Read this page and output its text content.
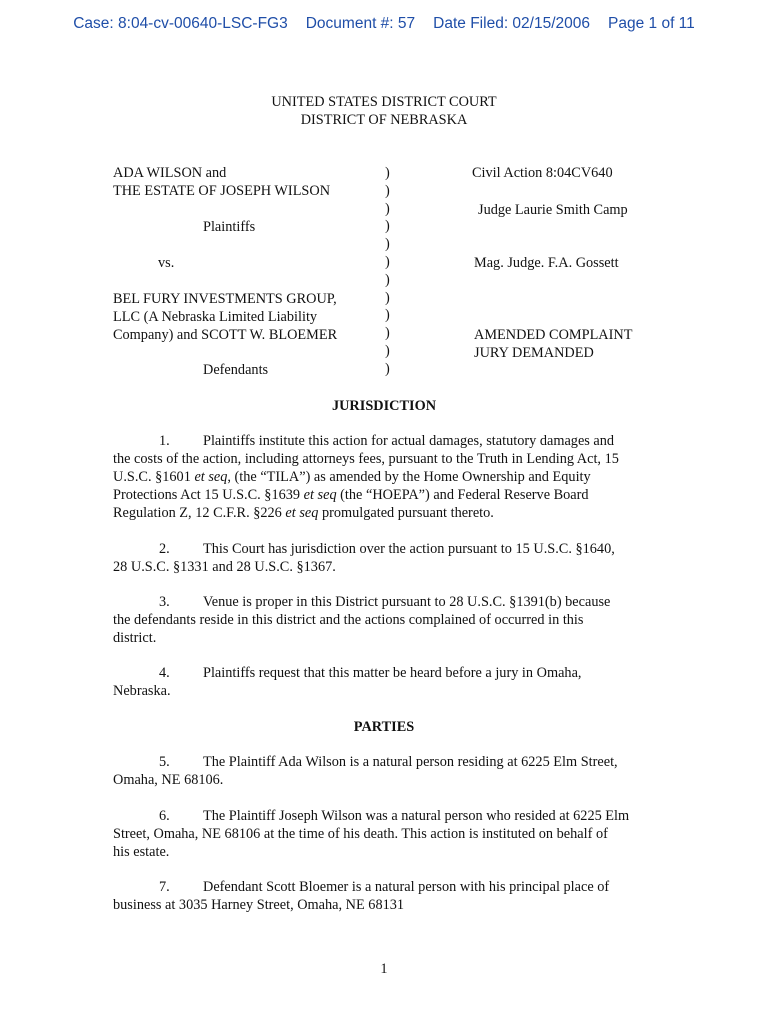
Case: 8:04-cv-00640-LSC-FG3 Document #: 57 Date Filed: 02/15/2006 Page 1 of 11
UNITED STATES DISTRICT COURT
DISTRICT OF NEBRASKA
ADA WILSON and
THE ESTATE OF JOSEPH WILSON
Plaintiffs
vs.
BEL FURY INVESTMENTS GROUP,
LLC (A Nebraska Limited Liability
Company) and SCOTT W. BLOEMER
Defendants
)
)
)
)
)
)
)
)
)
)
)
)
Civil Action 8:04CV640
Judge Laurie Smith Camp
Mag. Judge. F.A. Gossett
AMENDED COMPLAINT
JURY DEMANDED
JURISDICTION
1. Plaintiffs institute this action for actual damages, statutory damages and
the costs of the action, including attorneys fees, pursuant to the Truth in Lending Act, 15
U.S.C. §1601 et seq, (the “TILA”) as amended by the Home Ownership and Equity
Protections Act 15 U.S.C. §1639 et seq (the “HOEPA”) and Federal Reserve Board
Regulation Z, 12 C.F.R. §226 et seq promulgated pursuant thereto.
2. This Court has jurisdiction over the action pursuant to 15 U.S.C. §1640,
28 U.S.C. §1331 and 28 U.S.C. §1367.
3. Venue is proper in this District pursuant to 28 U.S.C. §1391(b) because
the defendants reside in this district and the actions complained of occurred in this
district.
4. Plaintiffs request that this matter be heard before a jury in Omaha,
Nebraska.
PARTIES
5. The Plaintiff Ada Wilson is a natural person residing at 6225 Elm Street,
Omaha, NE 68106.
6. The Plaintiff Joseph Wilson was a natural person who resided at 6225 Elm
Street, Omaha, NE 68106 at the time of his death. This action is instituted on behalf of
his estate.
7. Defendant Scott Bloemer is a natural person with his principal place of
business at 3035 Harney Street, Omaha, NE 68131
1
